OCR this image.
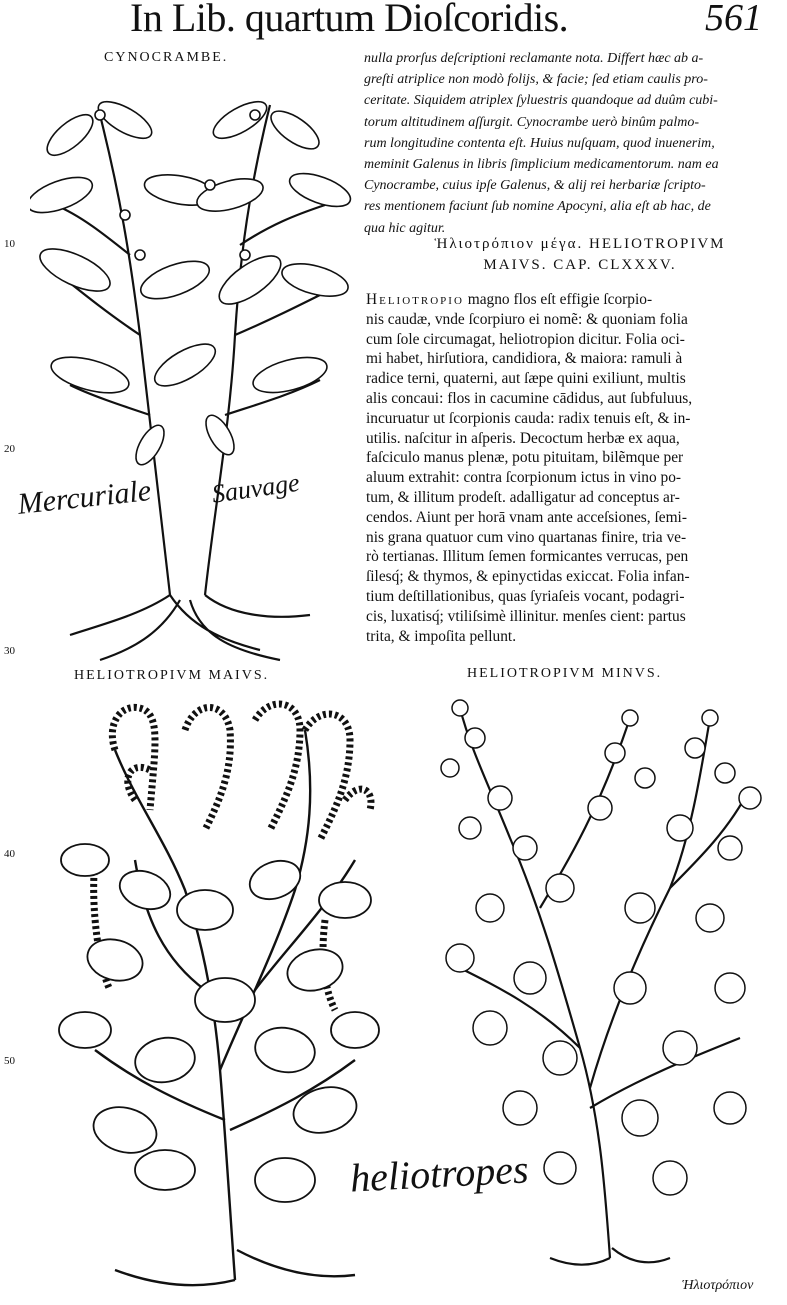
In Lib. quartum Dioſcoridis.	561
CYNOCRAMBE.	nulla prorſus deſcriptioni reclamante nota. Differt hæc ab a-
greſti atriplice non modò folijs, & facie; ſed etiam caulis pro-
ceritate. Siquidem atriplex ſyluestris quandoque ad duûm cubi-
torum altitudinem aſſurgit. Cynocrambe uerò binûm palmo-
rum longitudine contenta eſt. Huius nuſquam, quod inuenerim,
meminit Galenus in libris ſimplicium medicamentorum. nam ea
Cynocrambe, cuius ipſe Galenus, & alij rei herbariæ ſcripto-
res mentionem faciunt ſub nomine Apocyni, alia eſt ab hac, de
qua hic agitur.
Ἡλιοτρόπιον μέγα. HELIOTROPIVM
MAIVS. CAP. CLXXXV.
Heliotropio magno flos eſt effigie ſcorpio-
nis caudæ, vnde ſcorpiuro ei nomẽ: & quoniam folia
cum ſole circumagat, heliotropion dicitur. Folia oci-
mi habet, hirſutiora, candidiora, & maiora: ramuli à
radice terni, quaterni, aut ſæpe quini exiliunt, multis
alis concaui: flos in cacumine cādidus, aut ſubfuluus,
incuruatur ut ſcorpionis cauda: radix tenuis eſt, & in-
utilis. naſcitur in aſperis. Decoctum herbæ ex aqua,
faſciculo manus plenæ, potu pituitam, bilẽmque per
aluum extrahit: contra ſcorpionum ictus in vino po-
tum, & illitum prodeſt. adalligatur ad conceptus ar-
cendos. Aiunt per horā vnam ante acceſsiones, ſemi-
nis grana quatuor cum vino quartanas finire, tria ve-
rò tertianas. Illitum ſemen formicantes verrucas, pen
ſilesq́; & thymos, & epinyctidas exiccat. Folia infan-
tium deſtillationibus, quas ſyriaſeis vocant, podagri-
cis, luxatisq́; vtiliſsimè illinitur. menſes cient: partus
trita, & impoſita pellunt.
10
20
30
40
50
Mercuriale Sauvage
HELIOTROPIVM MAIVS.	HELIOTROPIVM MINVS.
heliotropes
Ἡλιοτρόπιον
